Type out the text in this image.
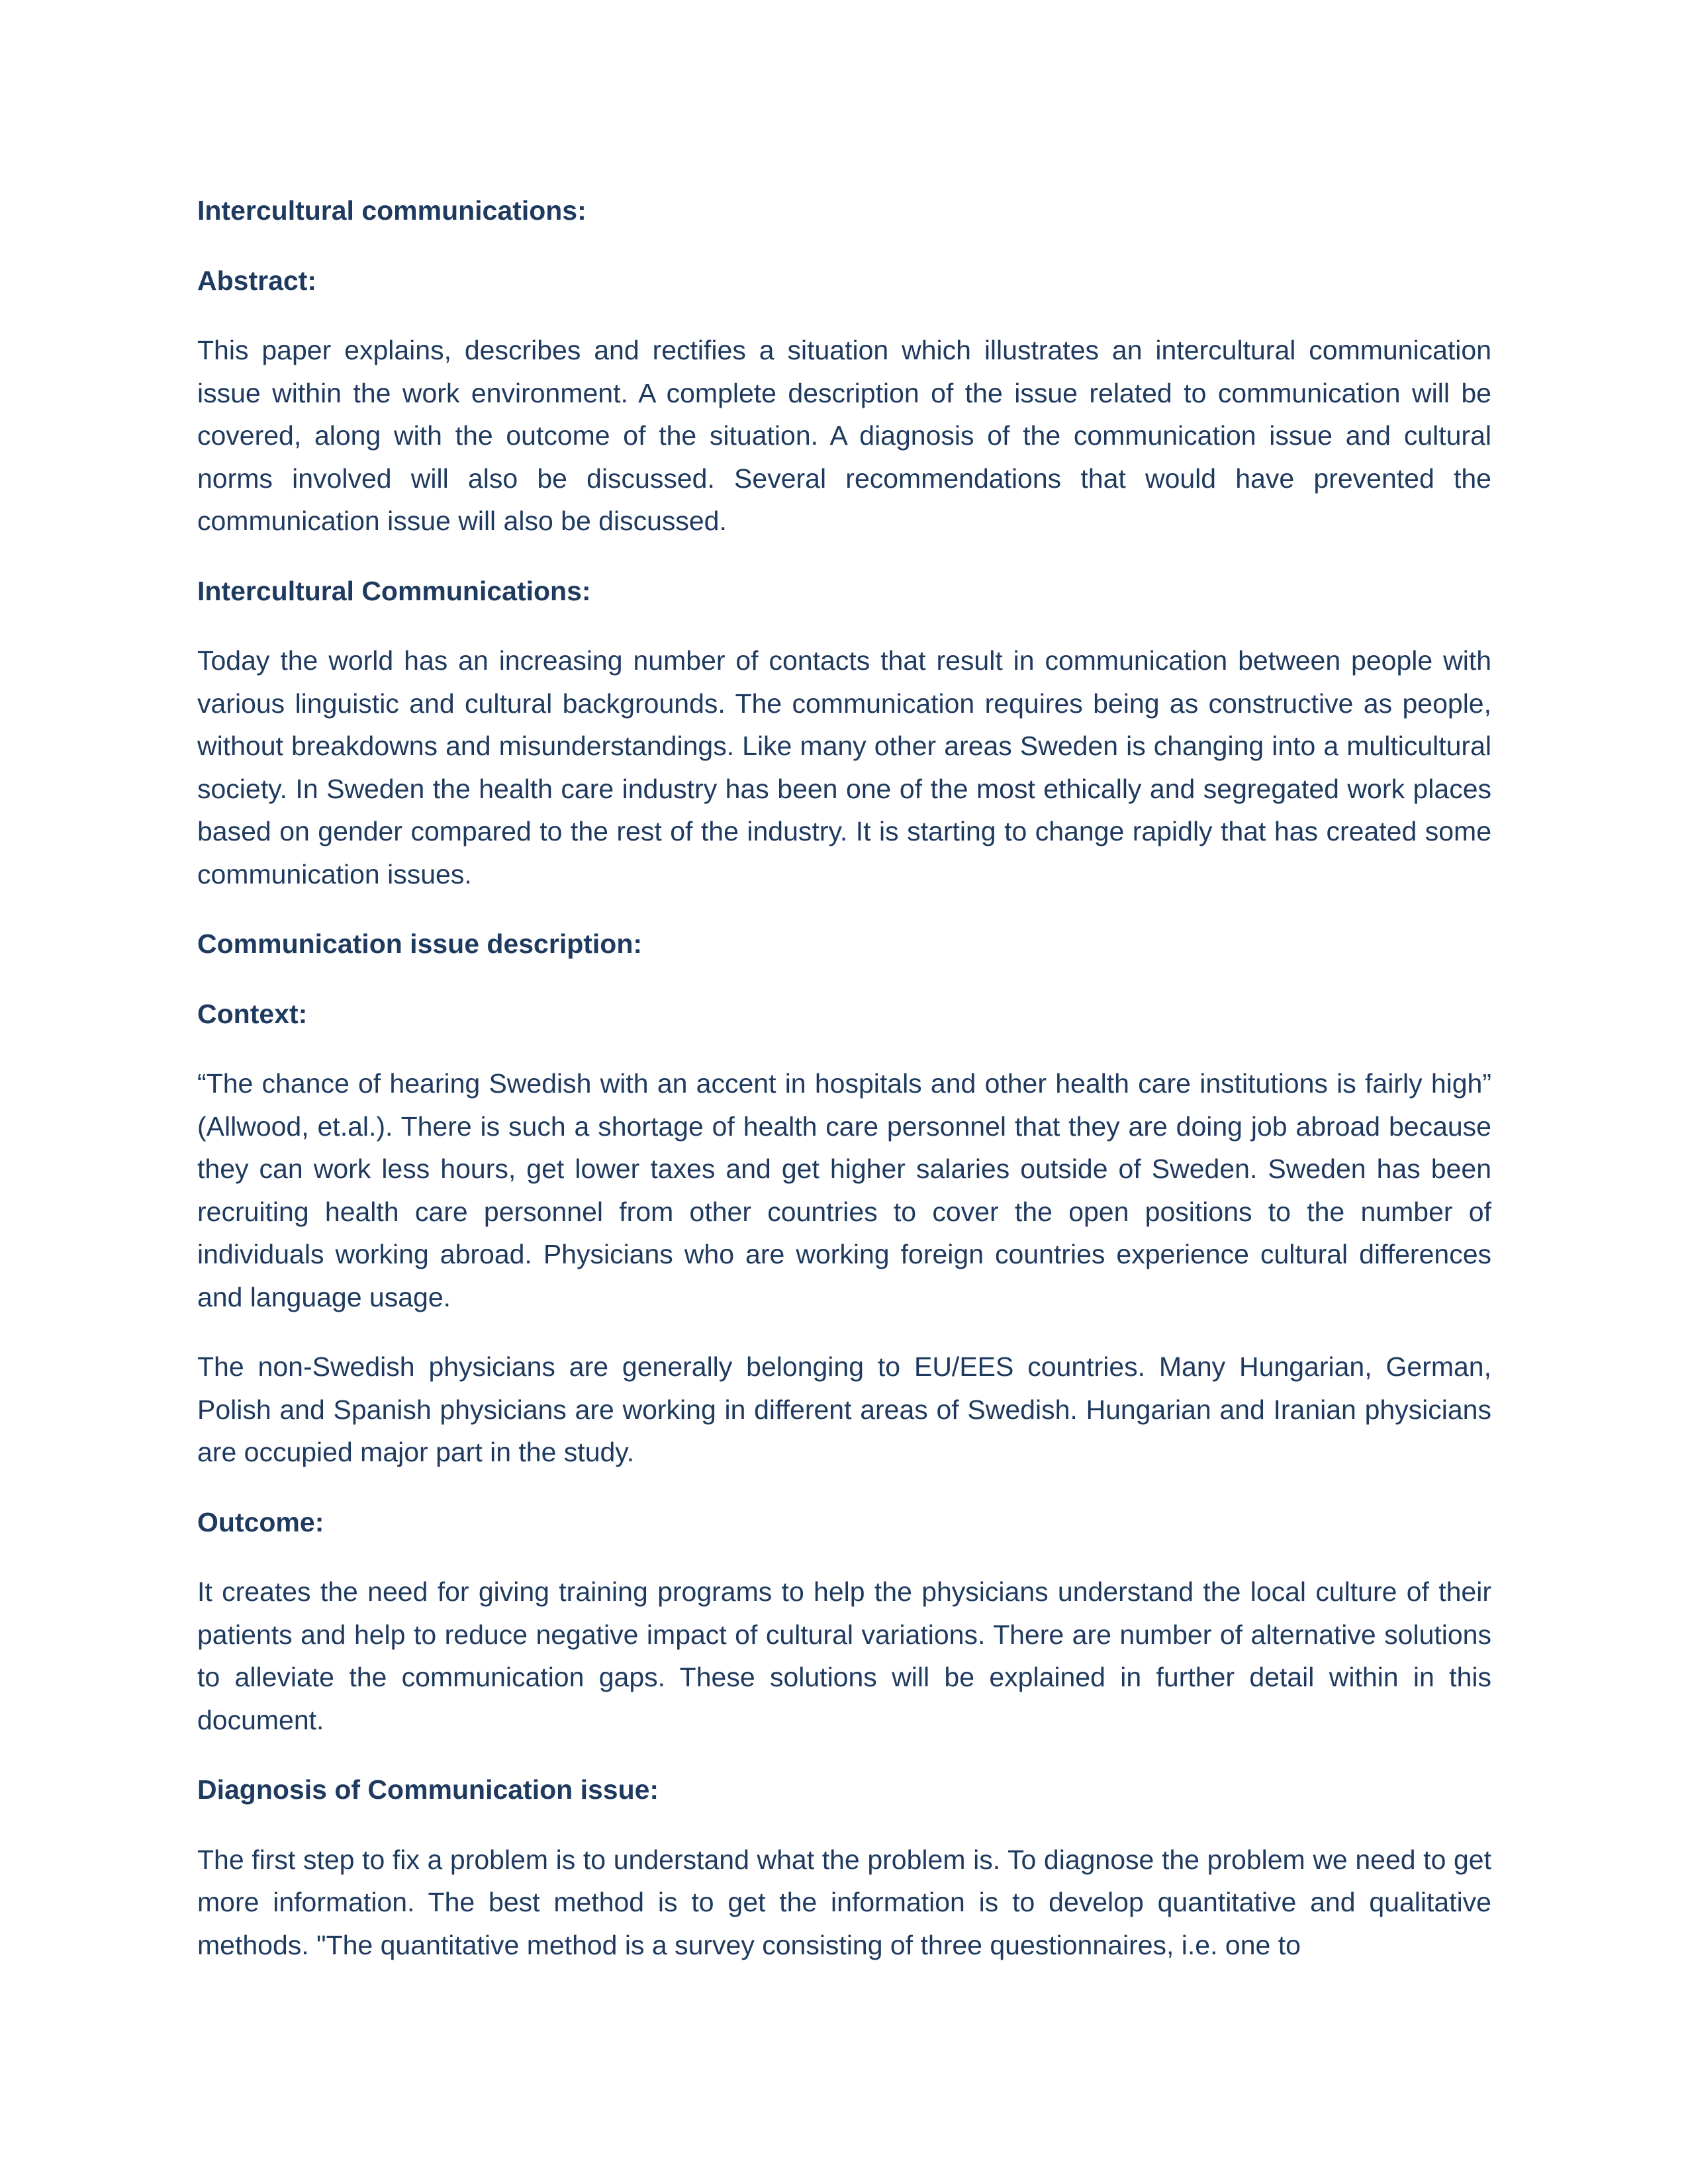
Intercultural communications:

Abstract:

This paper explains, describes and rectifies a situation which illustrates an intercultural communication issue within the work environment. A complete description of the issue related to communication will be covered, along with the outcome of the situation. A diagnosis of the communication issue and cultural norms involved will also be discussed. Several recommendations that would have prevented the communication issue will also be discussed.

Intercultural Communications:

Today the world has an increasing number of contacts that result in communication between people with various linguistic and cultural backgrounds. The communication requires being as constructive as people, without breakdowns and misunderstandings. Like many other areas Sweden is changing into a multicultural society. In Sweden the health care industry has been one of the most ethically and segregated work places based on gender compared to the rest of the industry. It is starting to change rapidly that has created some communication issues.

Communication issue description:

Context:

“The chance of hearing Swedish with an accent in hospitals and other health care institutions is fairly high” (Allwood, et.al.). There is such a shortage of health care personnel that they are doing job abroad because they can work less hours, get lower taxes and get higher salaries outside of Sweden. Sweden has been recruiting health care personnel from other countries to cover the open positions to the number of individuals working abroad. Physicians who are working foreign countries experience cultural differences and language usage.

The non-Swedish physicians are generally belonging to EU/EES countries. Many Hungarian, German, Polish and Spanish physicians are working in different areas of Swedish. Hungarian and Iranian physicians are occupied major part in the study.

Outcome:

It creates the need for giving training programs to help the physicians understand the local culture of their patients and help to reduce negative impact of cultural variations. There are number of alternative solutions to alleviate the communication gaps. These solutions will be explained in further detail within in this document.

Diagnosis of Communication issue:

The first step to fix a problem is to understand what the problem is. To diagnose the problem we need to get more information. The best method is to get the information is to develop quantitative and qualitative methods. "The quantitative method is a survey consisting of three questionnaires, i.e. one to
